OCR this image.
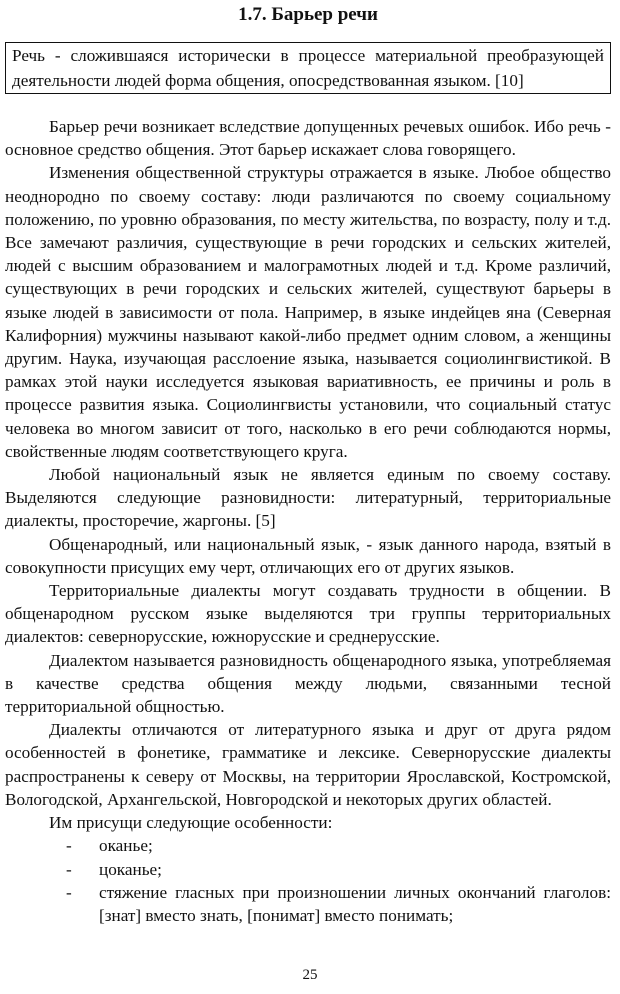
1.7. Барьер речи
Речь - сложившаяся исторически в процессе материальной преобразующей деятельности людей форма общения, опосредствованная языком. [10]

Барьер речи возникает вследствие допущенных речевых ошибок. Ибо речь - основное средство общения. Этот барьер искажает слова говорящего.

Изменения общественной структуры отражается в языке. Любое общество неоднородно по своему составу: люди различаются по своему социальному положению, по уровню образования, по месту жительства, по возрасту, полу и т.д. Все замечают различия, существующие в речи городских и сельских жителей, людей с высшим образованием и малограмотных людей и т.д. Кроме различий, существующих в речи городских и сельских жителей, существуют барьеры в языке людей в зависимости от пола. Например, в языке индейцев яна (Северная Калифорния) мужчины называют какой-либо предмет одним словом, а женщины другим. Наука, изучающая расслоение языка, называется социолингвистикой. В рамках этой науки исследуется языковая вариативность, ее причины и роль в процессе развития языка. Социолингвисты установили, что социальный статус человека во многом зависит от того, насколько в его речи соблюдаются нормы, свойственные людям соответствующего круга.

Любой национальный язык не является единым по своему составу. Выделяются следующие разновидности: литературный, территориальные диалекты, просторечие, жаргоны. [5]

Общенародный, или национальный язык, - язык данного народа, взятый в совокупности присущих ему черт, отличающих его от других языков.

Территориальные диалекты могут создавать трудности в общении. В общенародном русском языке выделяются три группы территориальных диалектов: севернорусские, южнорусские и среднерусские.

Диалектом называется разновидность общенародного языка, употребляемая в качестве средства общения между людьми, связанными тесной территориальной общностью.

Диалекты отличаются от литературного языка и друг от друга рядом особенностей в фонетике, грамматике и лексике. Севернорусские диалекты распространены к северу от Москвы, на территории Ярославской, Костромской, Вологодской, Архангельской, Новгородской и некоторых других областей.

Им присущи следующие особенности:

- оканье;
- цоканье;
- стяжение гласных при произношении личных окончаний глаголов: [знат] вместо знать, [понимат] вместо понимать;
25
